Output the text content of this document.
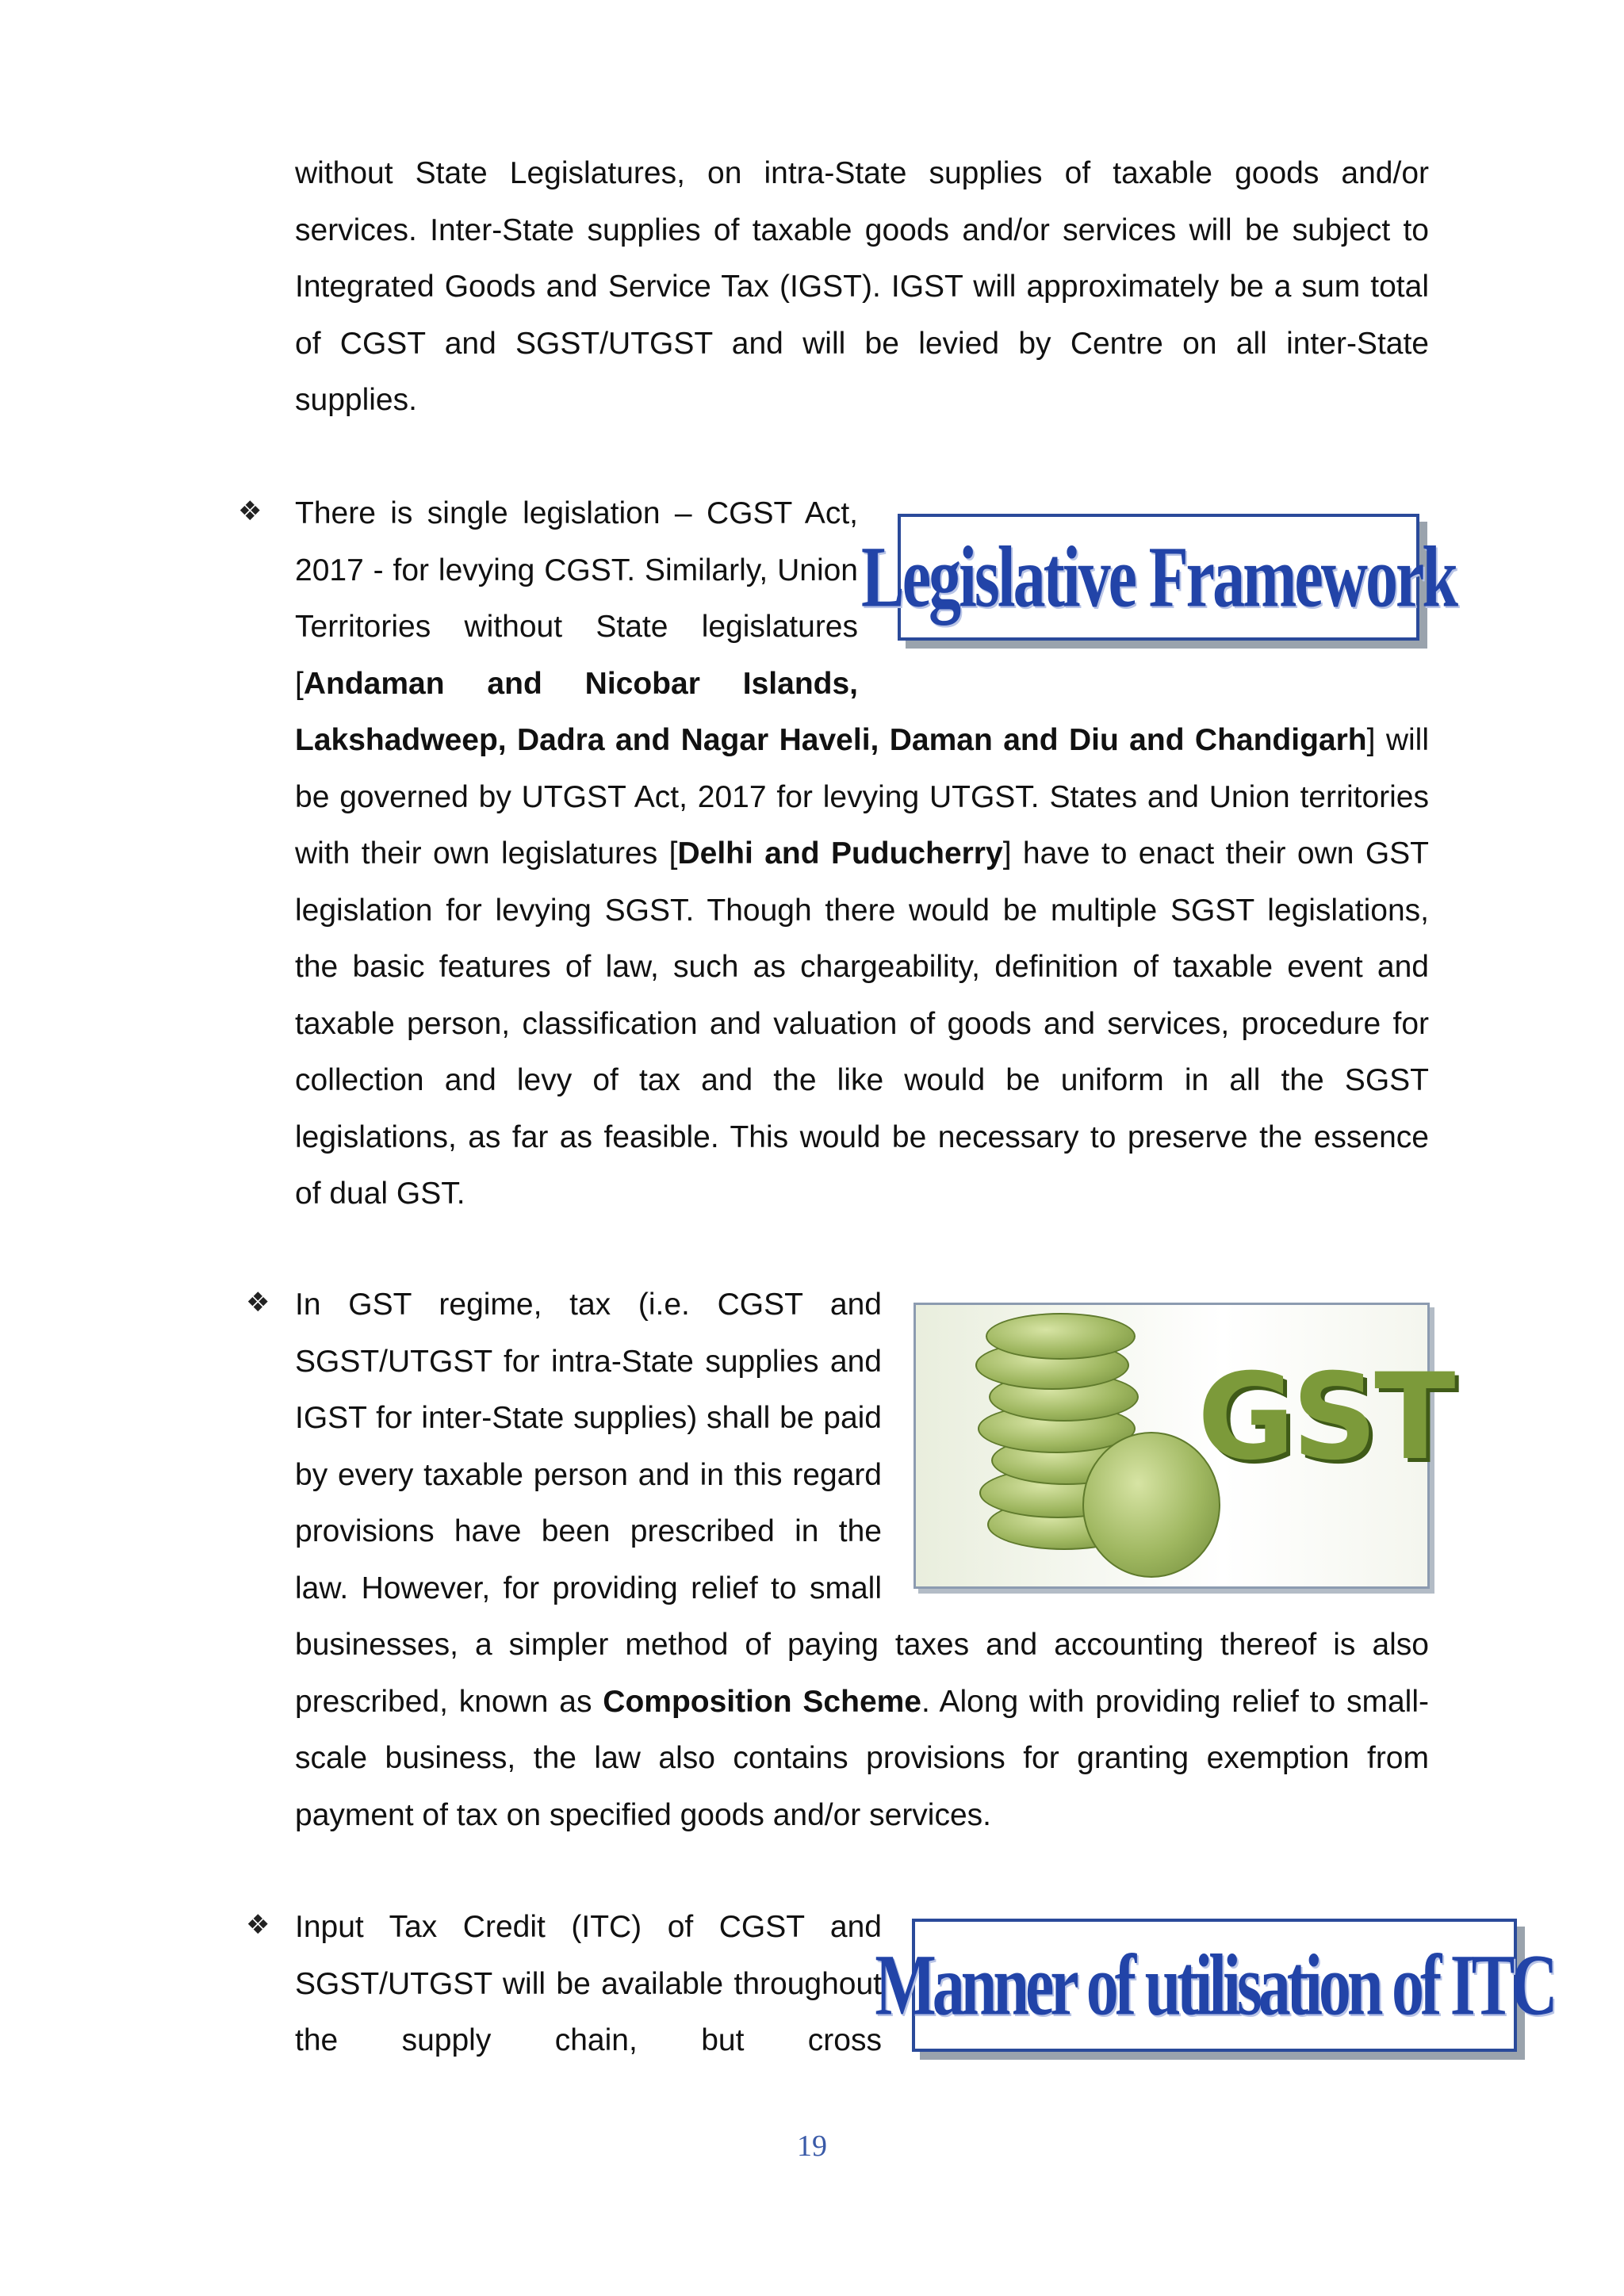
without State Legislatures, on intra-State supplies of taxable goods and/or services. Inter-State supplies of taxable goods and/or services will be subject to Integrated Goods and Service Tax (IGST). IGST will approximately be a sum total of CGST and SGST/UTGST and will be levied by Centre on all inter-State supplies.

❖
Legislative Framework

There is single legislation – CGST Act, 2017 - for levying CGST. Similarly, Union Territories without State legislatures [Andaman and Nicobar Islands, Lakshadweep, Dadra and Nagar Haveli, Daman and Diu and Chandigarh] will be governed by UTGST Act, 2017 for levying UTGST. States and Union territories with their own legislatures [Delhi and Puducherry] have to enact their own GST legislation for levying SGST. Though there would be multiple SGST legislations, the basic features of law, such as chargeability, definition of taxable event and taxable person, classification and valuation of goods and services, procedure for collection and levy of tax and the like would be uniform in all the SGST legislations, as far as feasible. This would be necessary to preserve the essence of dual GST.

❖
GST

In GST regime, tax (i.e. CGST and SGST/UTGST for intra-State supplies and IGST for inter-State supplies) shall be paid by every taxable person and in this regard provisions have been prescribed in the law. However, for providing relief to small businesses, a simpler method of paying taxes and accounting thereof is also prescribed, known as Composition Scheme. Along with providing relief to small-scale business, the law also contains provisions for granting exemption from payment of tax on specified goods and/or services.

❖
Manner of utilisation of ITC

Input Tax Credit (ITC) of CGST and SGST/UTGST will be available throughout the supply chain, but cross

19
